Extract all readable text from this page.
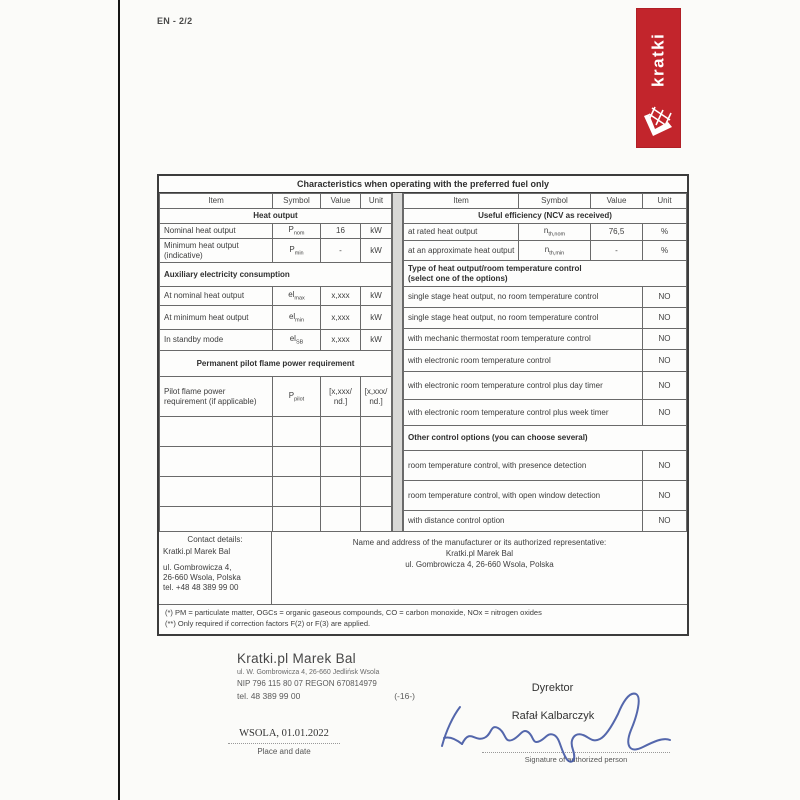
EN - 2/2
kratki
Characteristics when operating with the preferred fuel only
Item	Symbol	Value	Unit
Heat output			
Nominal heat output	$P_{nom}$	16	kW
Minimum heat output (indicative)	$P_{min}$	-	kW
Auxiliary electricity consumption			
At nominal heat output	$el_{max}$	x,xxx	kW
At minimum heat output	$el_{min}$	x,xxx	kW
In standby mode	$el_{SB}$	x,xxx	kW
Permanent pilot flame power requirement			
Pilot flame power requirement (if applicable)	$P_{pilot}$	[x,xxx/ nd.]	[x,xxx/ nd.]

Item	Symbol	Value	Unit
Useful efficiency (NCV as received)			
at rated heat output	$n_{th,nom}$	76,5	%
at an approximate heat output	$n_{th,min}$	-	%

Type of heat output/room temperature control
(select one of the options)			

single stage heat output, no room temperature control			NO
single stage heat output, no room temperature control			NO
with mechanic thermostat room temperature control			NO
with electronic room temperature control			NO
with electronic room temperature control plus day timer			NO
with electronic room temperature control plus week timer			NO
Other control options (you can choose several)			
room temperature control, with presence detection			NO
room temperature control, with open window detection			NO
with distance control option			NO
Contact details:
Kratki.pl Marek Bal
ul. Gombrowicza 4,
26-660 Wsola, Polska
tel. +48 48 389 99 00
Name and address of the manufacturer or its authorized representative:
Kratki.pl Marek Bal
ul. Gombrowicza 4, 26-660 Wsola, Polska
(*) PM = particulate matter, OGCs = organic gaseous compounds, CO = carbon monoxide, NOx = nitrogen oxides
(**) Only required if correction factors F(2) or F(3) are applied.
Kratki.pl Marek Bal
ul. W. Gombrowicza 4, 26-660 Jedlińsk Wsola
NIP 796 115 80 07 REGON 670814979
tel. 48 389 99 00	(-16-)
WSOLA, 01.01.2022
Place and date
Dyrektor
Rafał Kalbarczyk
Signature of authorized person
